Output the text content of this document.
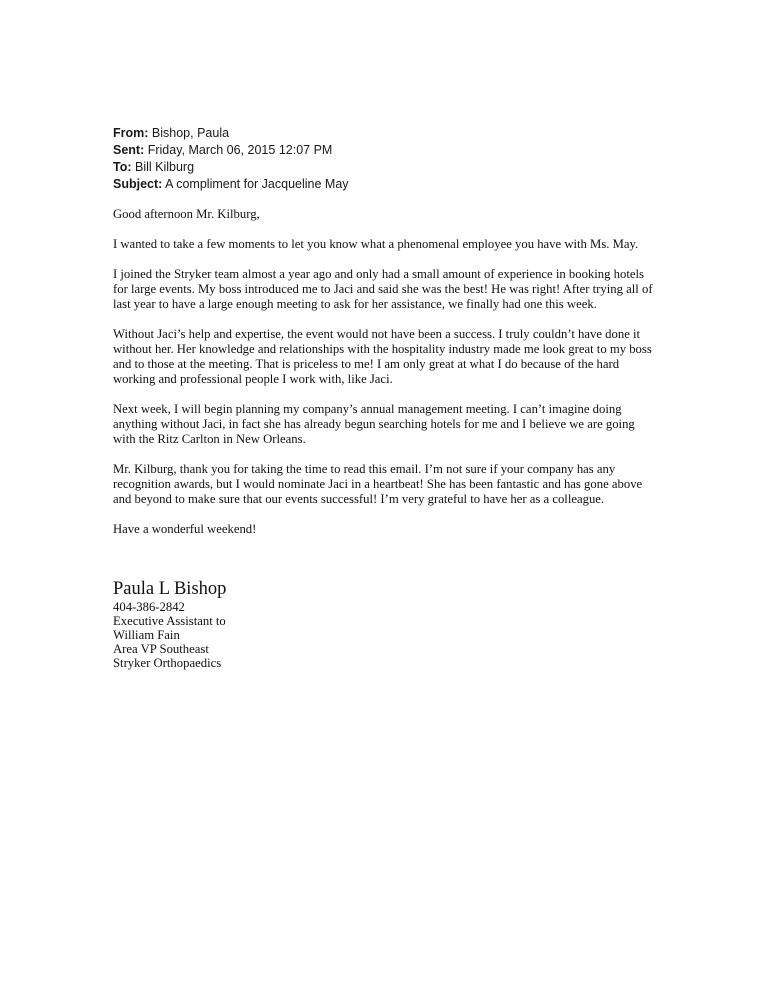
From: Bishop, Paula
Sent: Friday, March 06, 2015 12:07 PM
To: Bill Kilburg
Subject: A compliment for Jacqueline May

Good afternoon Mr. Kilburg,

I wanted to take a few moments to let you know what a phenomenal employee you have with Ms. May.

I joined the Stryker team almost a year ago and only had a small amount of experience in booking hotels for large events. My boss introduced me to Jaci and said she was the best! He was right! After trying all of last year to have a large enough meeting to ask for her assistance, we finally had one this week.

Without Jaci’s help and expertise, the event would not have been a success. I truly couldn’t have done it without her. Her knowledge and relationships with the hospitality industry made me look great to my boss and to those at the meeting. That is priceless to me! I am only great at what I do because of the hard working and professional people I work with, like Jaci.

Next week, I will begin planning my company’s annual management meeting. I can’t imagine doing anything without Jaci, in fact she has already begun searching hotels for me and I believe we are going with the Ritz Carlton in New Orleans.

Mr. Kilburg, thank you for taking the time to read this email. I’m not sure if your company has any recognition awards, but I would nominate Jaci in a heartbeat! She has been fantastic and has gone above and beyond to make sure that our events successful! I’m very grateful to have her as a colleague.

Have a wonderful weekend!

Paula L Bishop
404-386-2842
Executive Assistant to
William Fain
Area VP Southeast
Stryker Orthopaedics
